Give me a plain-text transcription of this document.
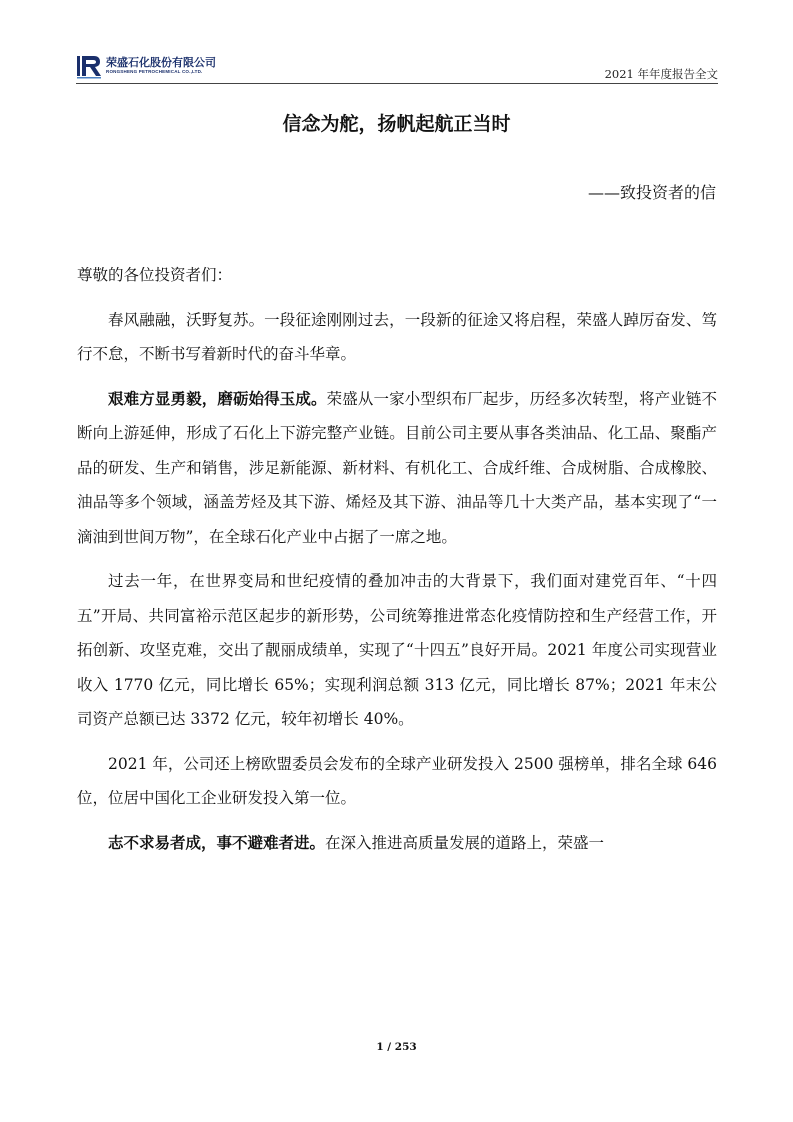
荣盛石化股份有限公司
RONGSHENG PETROCHEMICAL CO.,LTD.	2021 年年度报告全文
信念为舵，扬帆起航正当时
——致投资者的信

尊敬的各位投资者们：

春风融融，沃野复苏。一段征途刚刚过去，一段新的征途又将启程，荣盛人踔厉奋发、笃行不怠，不断书写着新时代的奋斗华章。

艰难方显勇毅，磨砺始得玉成。荣盛从一家小型织布厂起步，历经多次转型，将产业链不断向上游延伸，形成了石化上下游完整产业链。目前公司主要从事各类油品、化工品、聚酯产品的研发、生产和销售，涉足新能源、新材料、有机化工、合成纤维、合成树脂、合成橡胶、油品等多个领域，涵盖芳烃及其下游、烯烃及其下游、油品等几十大类产品，基本实现了“一滴油到世间万物”，在全球石化产业中占据了一席之地。

过去一年，在世界变局和世纪疫情的叠加冲击的大背景下，我们面对建党百年、“十四五”开局、共同富裕示范区起步的新形势，公司统筹推进常态化疫情防控和生产经营工作，开拓创新、攻坚克难，交出了靓丽成绩单，实现了“十四五”良好开局。2021 年度公司实现营业收入 1770 亿元，同比增长 65%；实现利润总额 313 亿元，同比增长 87%；2021 年末公司资产总额已达 3372 亿元，较年初增长 40%。

2021 年，公司还上榜欧盟委员会发布的全球产业研发投入 2500 强榜单，排名全球 646 位，位居中国化工企业研发投入第一位。

志不求易者成，事不避难者进。在深入推进高质量发展的道路上，荣盛一

1 / 253
